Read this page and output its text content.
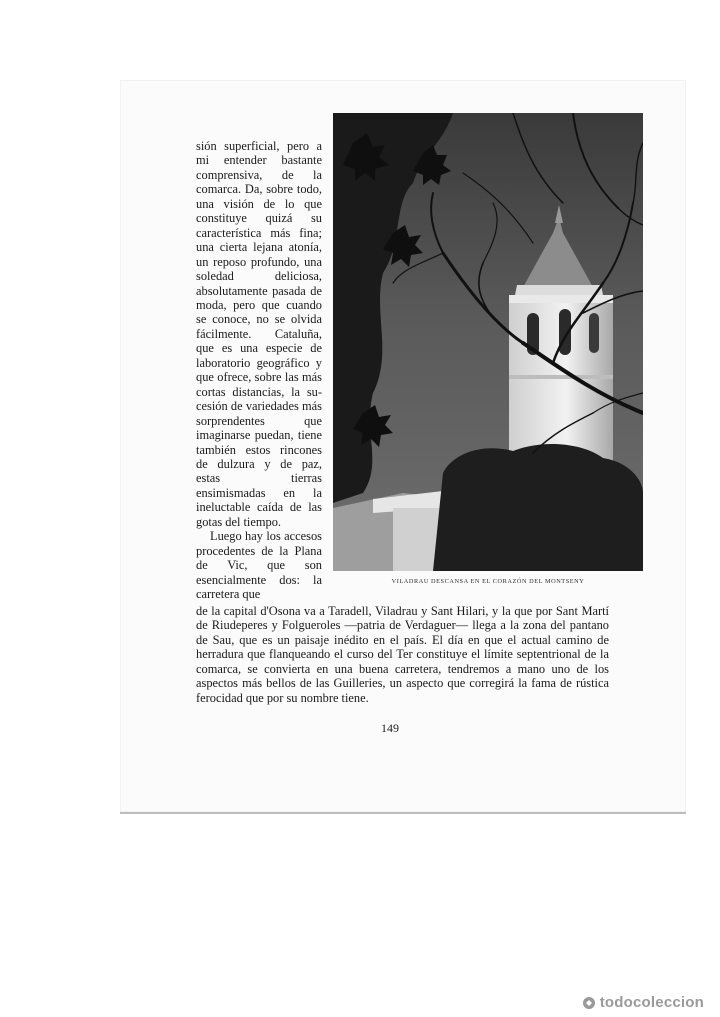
sión superficial, pero a mi entender bastante comprensiva, de la comarca. Da, sobre todo, una visión de lo que constituye quizá su característica más fina; una cierta lejana atonía, un reposo profundo, una soledad deliciosa, absolutamente pasada de moda, pero que cuando se conoce, no se olvida fácilmente. Cataluña, que es una especie de laboratorio geográfico y que ofrece, sobre las más cortas distancias, la sucesión de variedades más sorprendentes que imaginarse puedan, tiene también estos rincones de dulzura y de paz, estas tierras ensimismadas en la ineluctable caída de las gotas del tiempo.

Luego hay los accesos procedentes de la Plana de Vic, que son esencialmente dos: la carretera que

VILADRAU DESCANSA EN EL CORAZÓN DEL MONTSENY

de la capital d'Osona va a Taradell, Viladrau y Sant Hilari, y la que por Sant Martí de Riudeperes y Folgueroles —patria de Verdaguer— llega a la zona del pantano de Sau, que es un paisaje inédito en el país. El día en que el actual camino de herradura que flanqueando el curso del Ter constituye el límite septentrional de la comarca, se convierta en una buena carretera, tendremos a mano uno de los aspectos más bellos de las Guilleries, un aspecto que corregirá la fama de rústica ferocidad que por su nombre tiene.

149
todocoleccion
